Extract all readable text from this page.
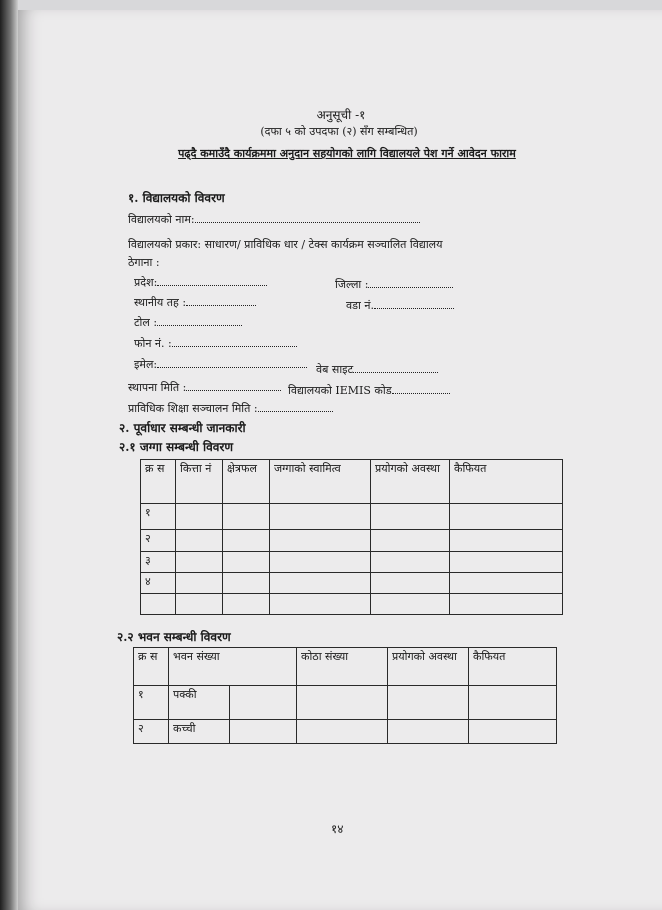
अनुसूची -१
(दफा ५ को उपदफा (२) सँग सम्बन्धित)
पढ्दै कमाउँदै कार्यक्रममा अनुदान सहयोगको लागि विद्यालयले पेश गर्ने आवेदन फाराम
१. विद्यालयको विवरण
विद्यालयको नाम:
विद्यालयको प्रकार: साधारण/ प्राविधिक धार / टेक्स कार्यक्रम सञ्चालित विद्यालय
ठेगाना :
प्रदेश:	जिल्ला :
स्थानीय तह :	वडा नं.
टोल :
फोन नं. :
इमेल:	वेब साइट
स्थापना मिति :	विद्यालयको IEMIS कोड
प्राविधिक शिक्षा सञ्चालन मिति :
२. पूर्वाधार सम्बन्धी जानकारी
२.१ जग्गा सम्बन्धी विवरण
क्र स	कित्ता नं	क्षेत्रफल	जग्गाको स्वामित्व	प्रयोगको अवस्था	कैफियत
१					
२					
३					
४					

२.२ भवन सम्बन्धी विवरण
क्र स	भवन संख्या		कोठा संख्या	प्रयोगको अवस्था	कैफियत
१	पक्की				
२	कच्ची				
१४
